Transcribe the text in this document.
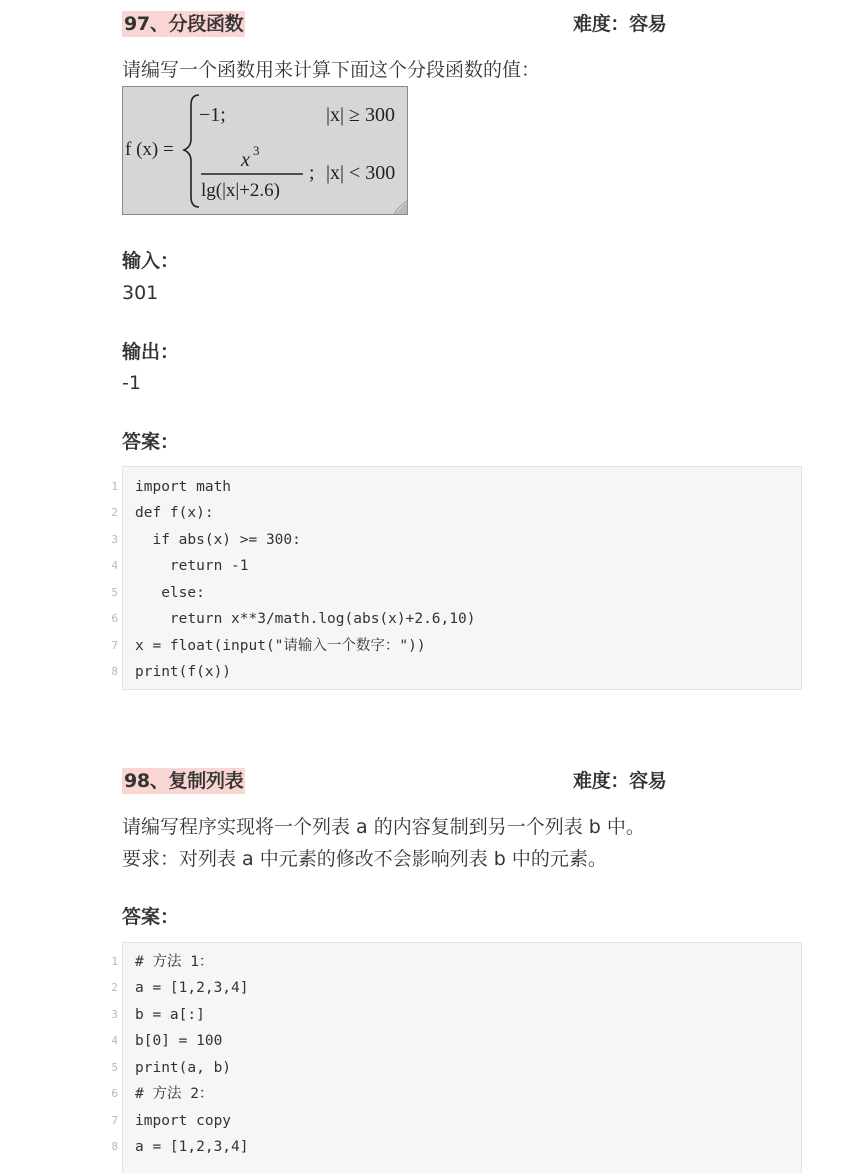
97、分段函数	难度：容易
请编写一个函数用来计算下面这个分段函数的值：
f (x) =
−1;	|x| ≥ 300
x 3
lg(|x|+2.6)
; |x| < 300
输入：
301
输出：
-1
答案：
import math
def f(x):
if abs(x) >= 300:
return -1
else:
return x**3/math.log(abs(x)+2.6,10)
x = float(input("请输入一个数字："))
print(f(x))
1
2
3
4
5
6
7
8
98、复制列表	难度：容易
请编写程序实现将一个列表 a 的内容复制到另一个列表 b 中。
要求：对列表 a 中元素的修改不会影响列表 b 中的元素。
答案：
# 方法 1：
a = [1,2,3,4]
b = a[:]
b[0] = 100
print(a, b)
# 方法 2：
import copy
a = [1,2,3,4]
1
2
3
4
5
6
7
8
